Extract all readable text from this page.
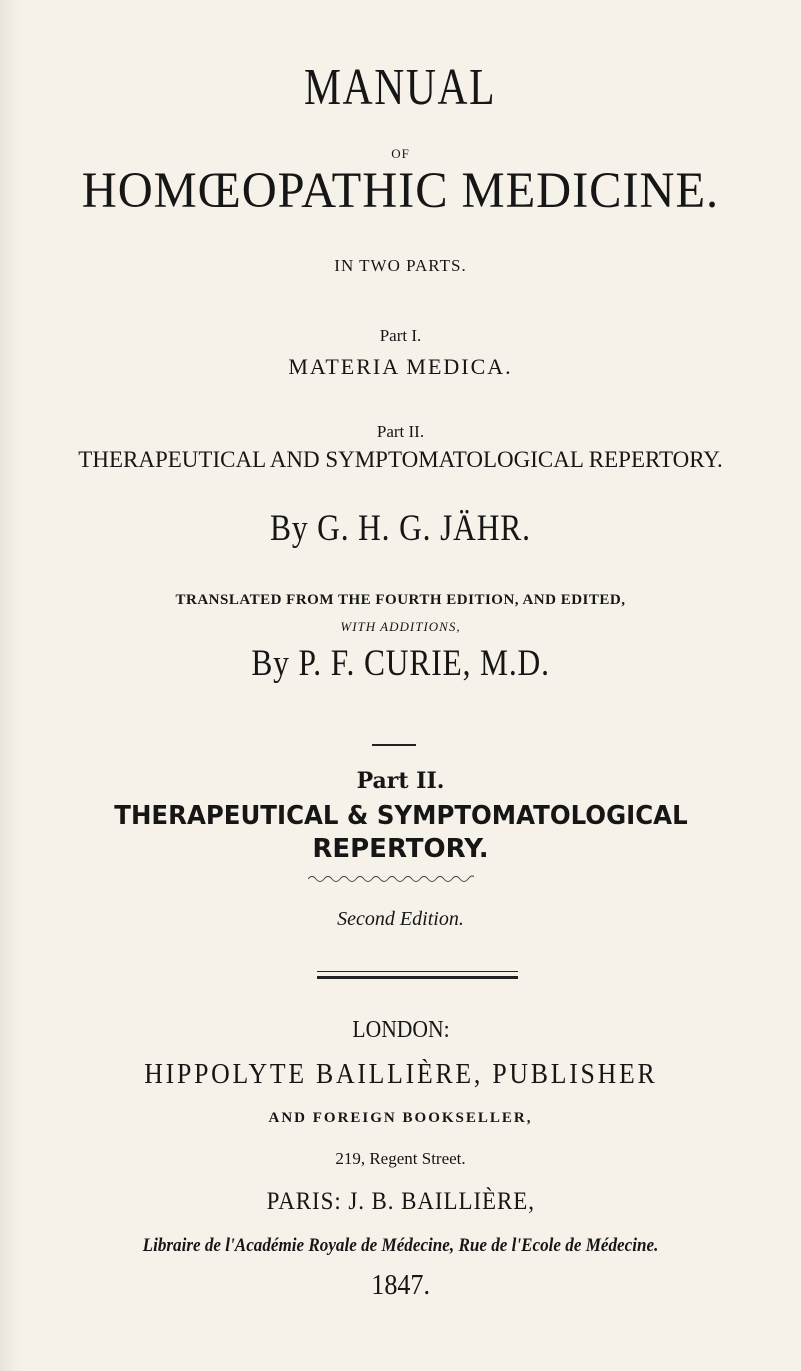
MANUAL
OF
HOMŒOPATHIC MEDICINE.
IN TWO PARTS.
Part I.
MATERIA MEDICA.
Part II.
THERAPEUTICAL AND SYMPTOMATOLOGICAL REPERTORY.
By G. H. G. JÄHR.
TRANSLATED FROM THE FOURTH EDITION, AND EDITED,
WITH ADDITIONS,
By P. F. CURIE, M.D.
Part II.
THERAPEUTICAL & SYMPTOMATOLOGICAL
REPERTORY.
Second Edition.
LONDON:
HIPPOLYTE BAILLIÈRE, PUBLISHER
AND FOREIGN BOOKSELLER,
219, Regent Street.
PARIS: J. B. BAILLIÈRE,
Libraire de l'Académie Royale de Médecine, Rue de l'Ecole de Médecine.
1847.
